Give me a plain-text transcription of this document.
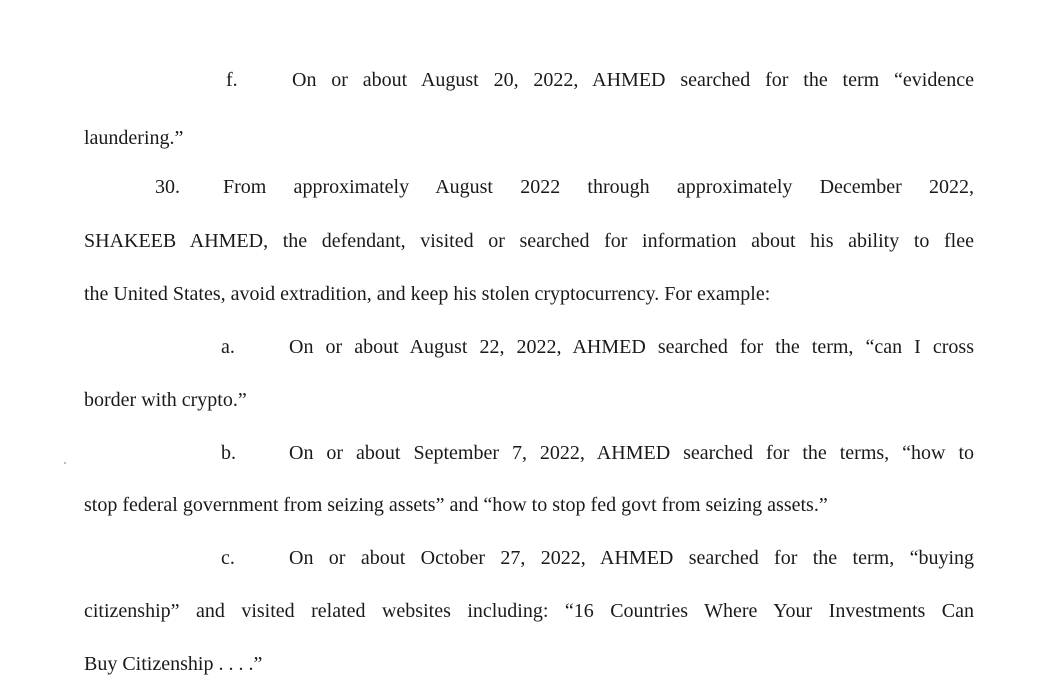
f.	On or about August 20, 2022, AHMED searched for the term “evidence
laundering.”
30. From approximately August 2022 through approximately December 2022,
SHAKEEB AHMED, the defendant, visited or searched for information about his ability to flee
the United States, avoid extradition, and keep his stolen cryptocurrency. For example:
a.	On or about August 22, 2022, AHMED searched for the term, “can I cross
border with crypto.”
b.	On or about September 7, 2022, AHMED searched for the terms, “how to
stop federal government from seizing assets” and “how to stop fed govt from seizing assets.”
c.	On or about October 27, 2022, AHMED searched for the term, “buying
citizenship” and visited related websites including: “16 Countries Where Your Investments Can
Buy Citizenship . . . .”
